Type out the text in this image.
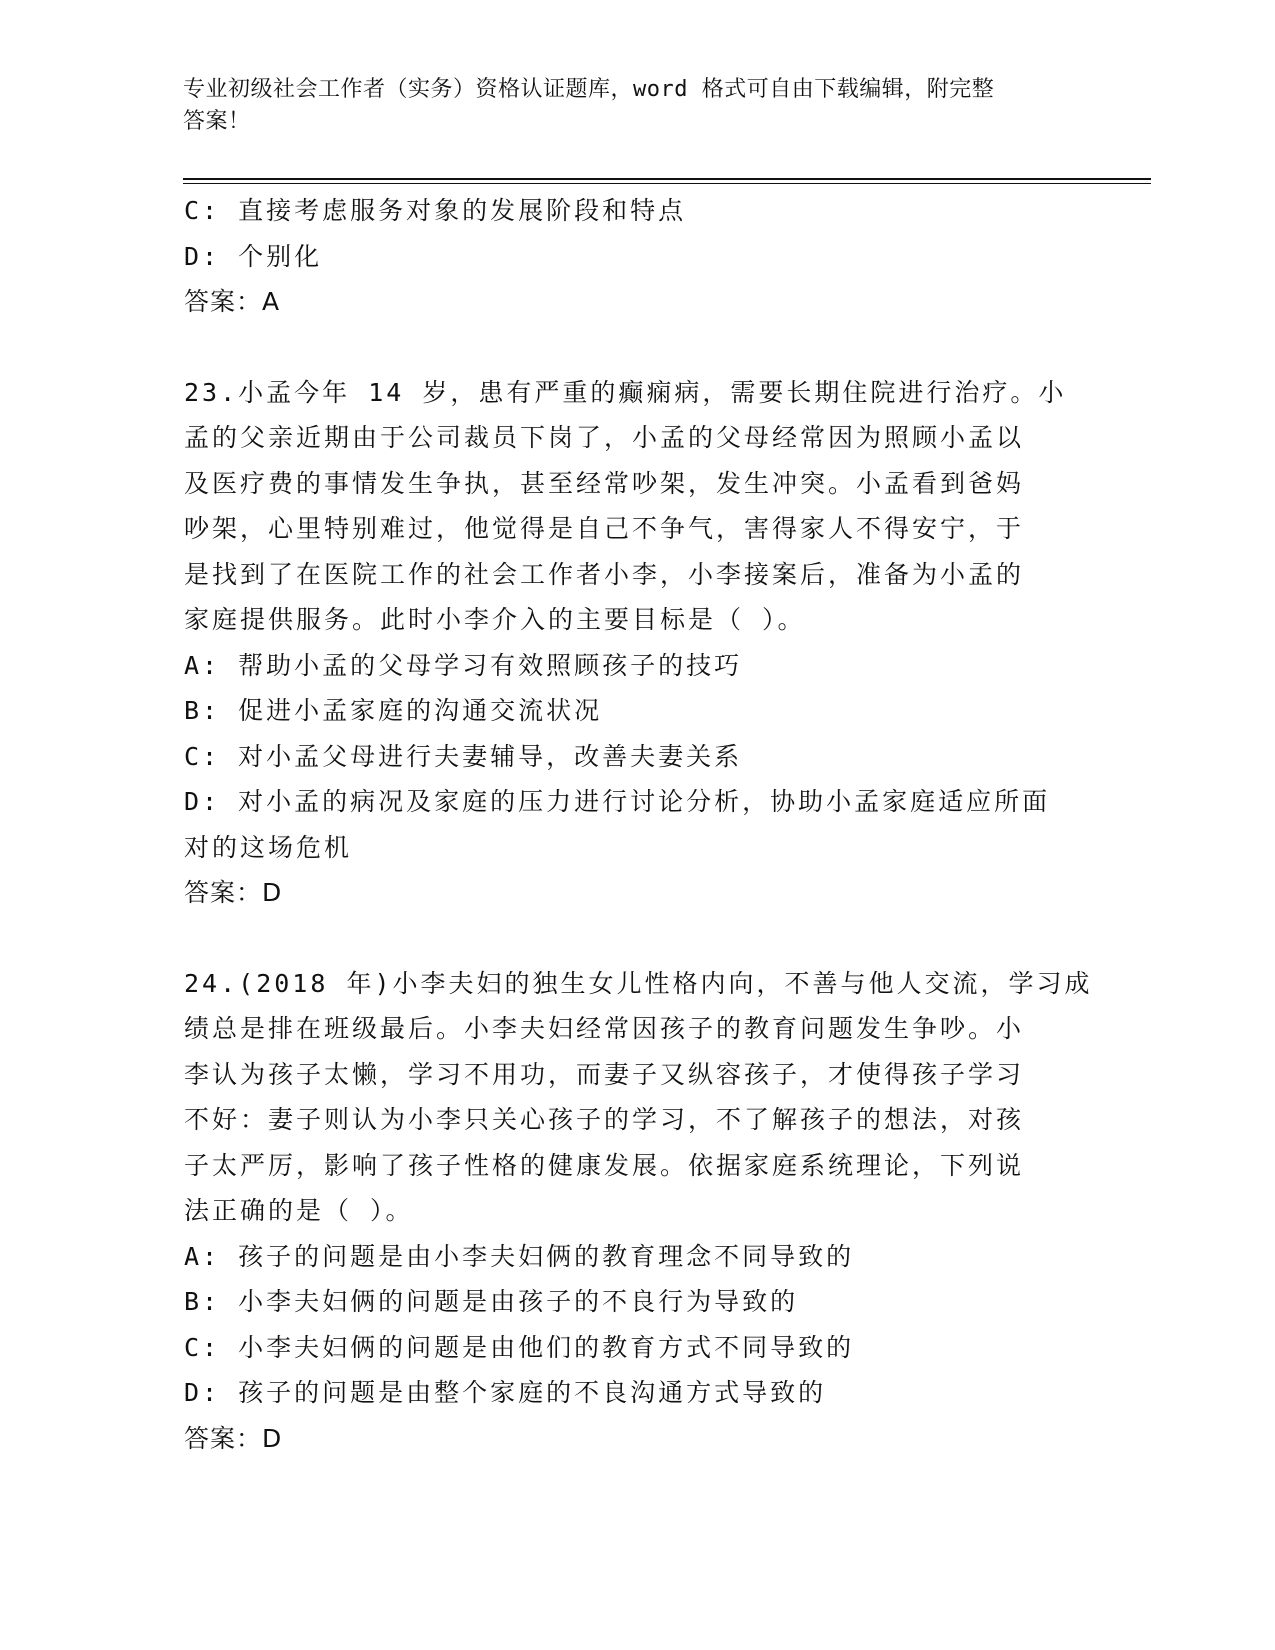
专业初级社会工作者（实务）资格认证题库，word 格式可自由下载编辑，附完整
答案！
C: 直接考虑服务对象的发展阶段和特点
D: 个别化
答案：A
23.小孟今年 14 岁，患有严重的癫痫病，需要长期住院进行治疗。小
孟的父亲近期由于公司裁员下岗了，小孟的父母经常因为照顾小孟以
及医疗费的事情发生争执，甚至经常吵架，发生冲突。小孟看到爸妈
吵架，心里特别难过，他觉得是自己不争气，害得家人不得安宁，于
是找到了在医院工作的社会工作者小李，小李接案后，准备为小孟的
家庭提供服务。此时小李介入的主要目标是（ ）。
A: 帮助小孟的父母学习有效照顾孩子的技巧
B: 促进小孟家庭的沟通交流状况
C: 对小孟父母进行夫妻辅导，改善夫妻关系
D: 对小孟的病况及家庭的压力进行讨论分析，协助小孟家庭适应所面
对的这场危机
答案：D
24.(2018 年)小李夫妇的独生女儿性格内向，不善与他人交流，学习成
绩总是排在班级最后。小李夫妇经常因孩子的教育问题发生争吵。小
李认为孩子太懒，学习不用功，而妻子又纵容孩子，才使得孩子学习
不好：妻子则认为小李只关心孩子的学习，不了解孩子的想法，对孩
子太严厉，影响了孩子性格的健康发展。依据家庭系统理论，下列说
法正确的是（ ）。
A: 孩子的问题是由小李夫妇俩的教育理念不同导致的
B: 小李夫妇俩的问题是由孩子的不良行为导致的
C: 小李夫妇俩的问题是由他们的教育方式不同导致的
D: 孩子的问题是由整个家庭的不良沟通方式导致的
答案：D
